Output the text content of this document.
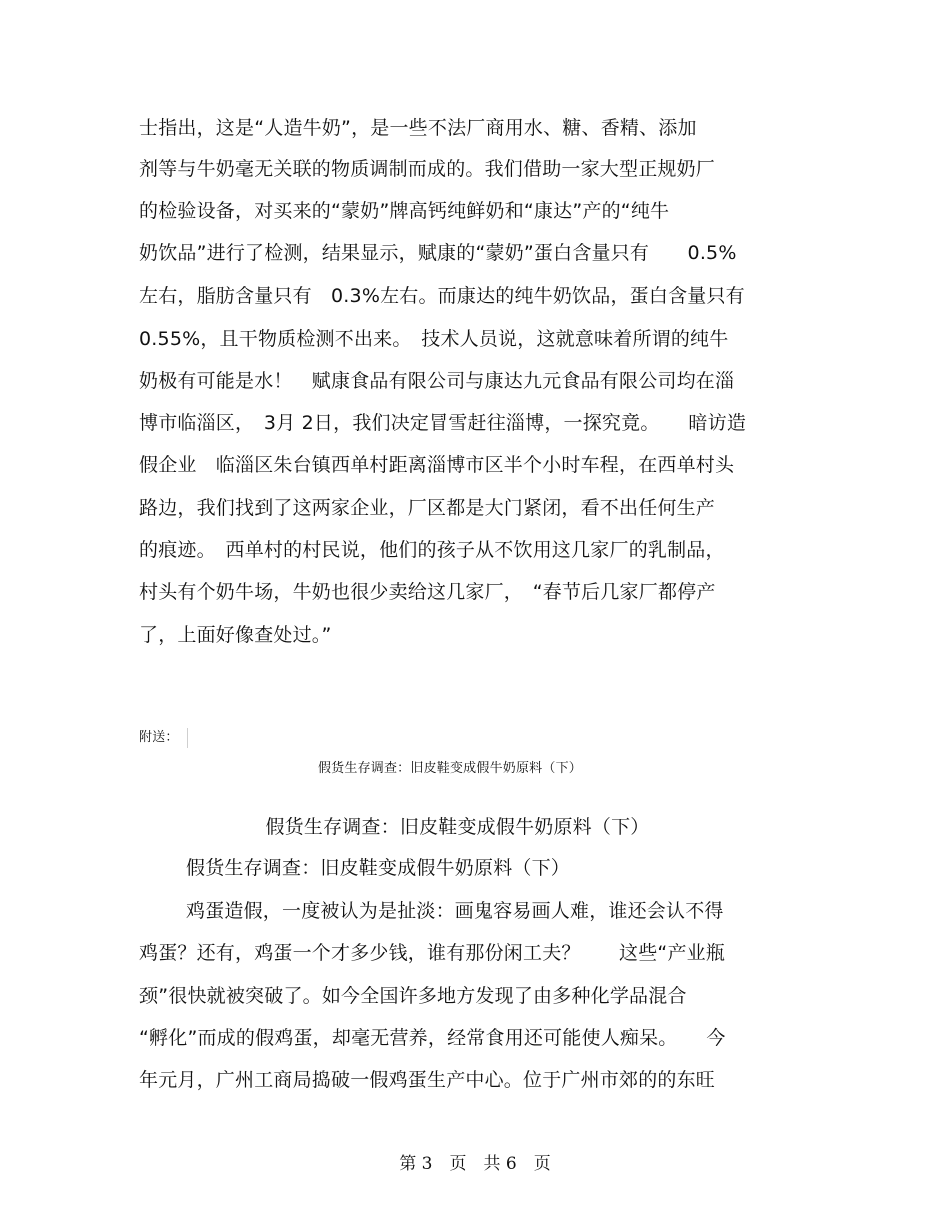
士指出，这是“人造牛奶”，是一些不法厂商用水、糖、香精、添加
剂等与牛奶毫无关联的物质调制而成的。我们借助一家大型正规奶厂
的检验设备，对买来的“蒙奶”牌高钙纯鲜奶和“康达”产的“纯牛
奶饮品”进行了检测，结果显示，赋康的“蒙奶”蛋白含量只有　　0.5%
左右，脂肪含量只有　0.3%左右。而康达的纯牛奶饮品，蛋白含量只有
0.55%，且干物质检测不出来。　技术人员说，这就意味着所谓的纯牛
奶极有可能是水！　赋康食品有限公司与康达九元食品有限公司均在淄
博市临淄区，　3月 2日，我们决定冒雪赶往淄博，一探究竟。　　暗访造
假企业　临淄区朱台镇西单村距离淄博市区半个小时车程，在西单村头
路边，我们找到了这两家企业，厂区都是大门紧闭，看不出任何生产
的痕迹。　西单村的村民说，他们的孩子从不饮用这几家厂的乳制品，
村头有个奶牛场，牛奶也很少卖给这几家厂，　“春节后几家厂都停产
了，上面好像查处过。”
附送：
假货生存调查：旧皮鞋变成假牛奶原料（下）
假货生存调查：旧皮鞋变成假牛奶原料（下）
假货生存调查：旧皮鞋变成假牛奶原料（下）
鸡蛋造假，一度被认为是扯淡：画鬼容易画人难，谁还会认不得
鸡蛋？还有，鸡蛋一个才多少钱，谁有那份闲工夫？　　这些“产业瓶
颈”很快就被突破了。如今全国许多地方发现了由多种化学品混合
“孵化”而成的假鸡蛋，却毫无营养，经常食用还可能使人痴呆。　　今
年元月，广州工商局捣破一假鸡蛋生产中心。位于广州市郊的的东旺
第 3　页　共 6　页
